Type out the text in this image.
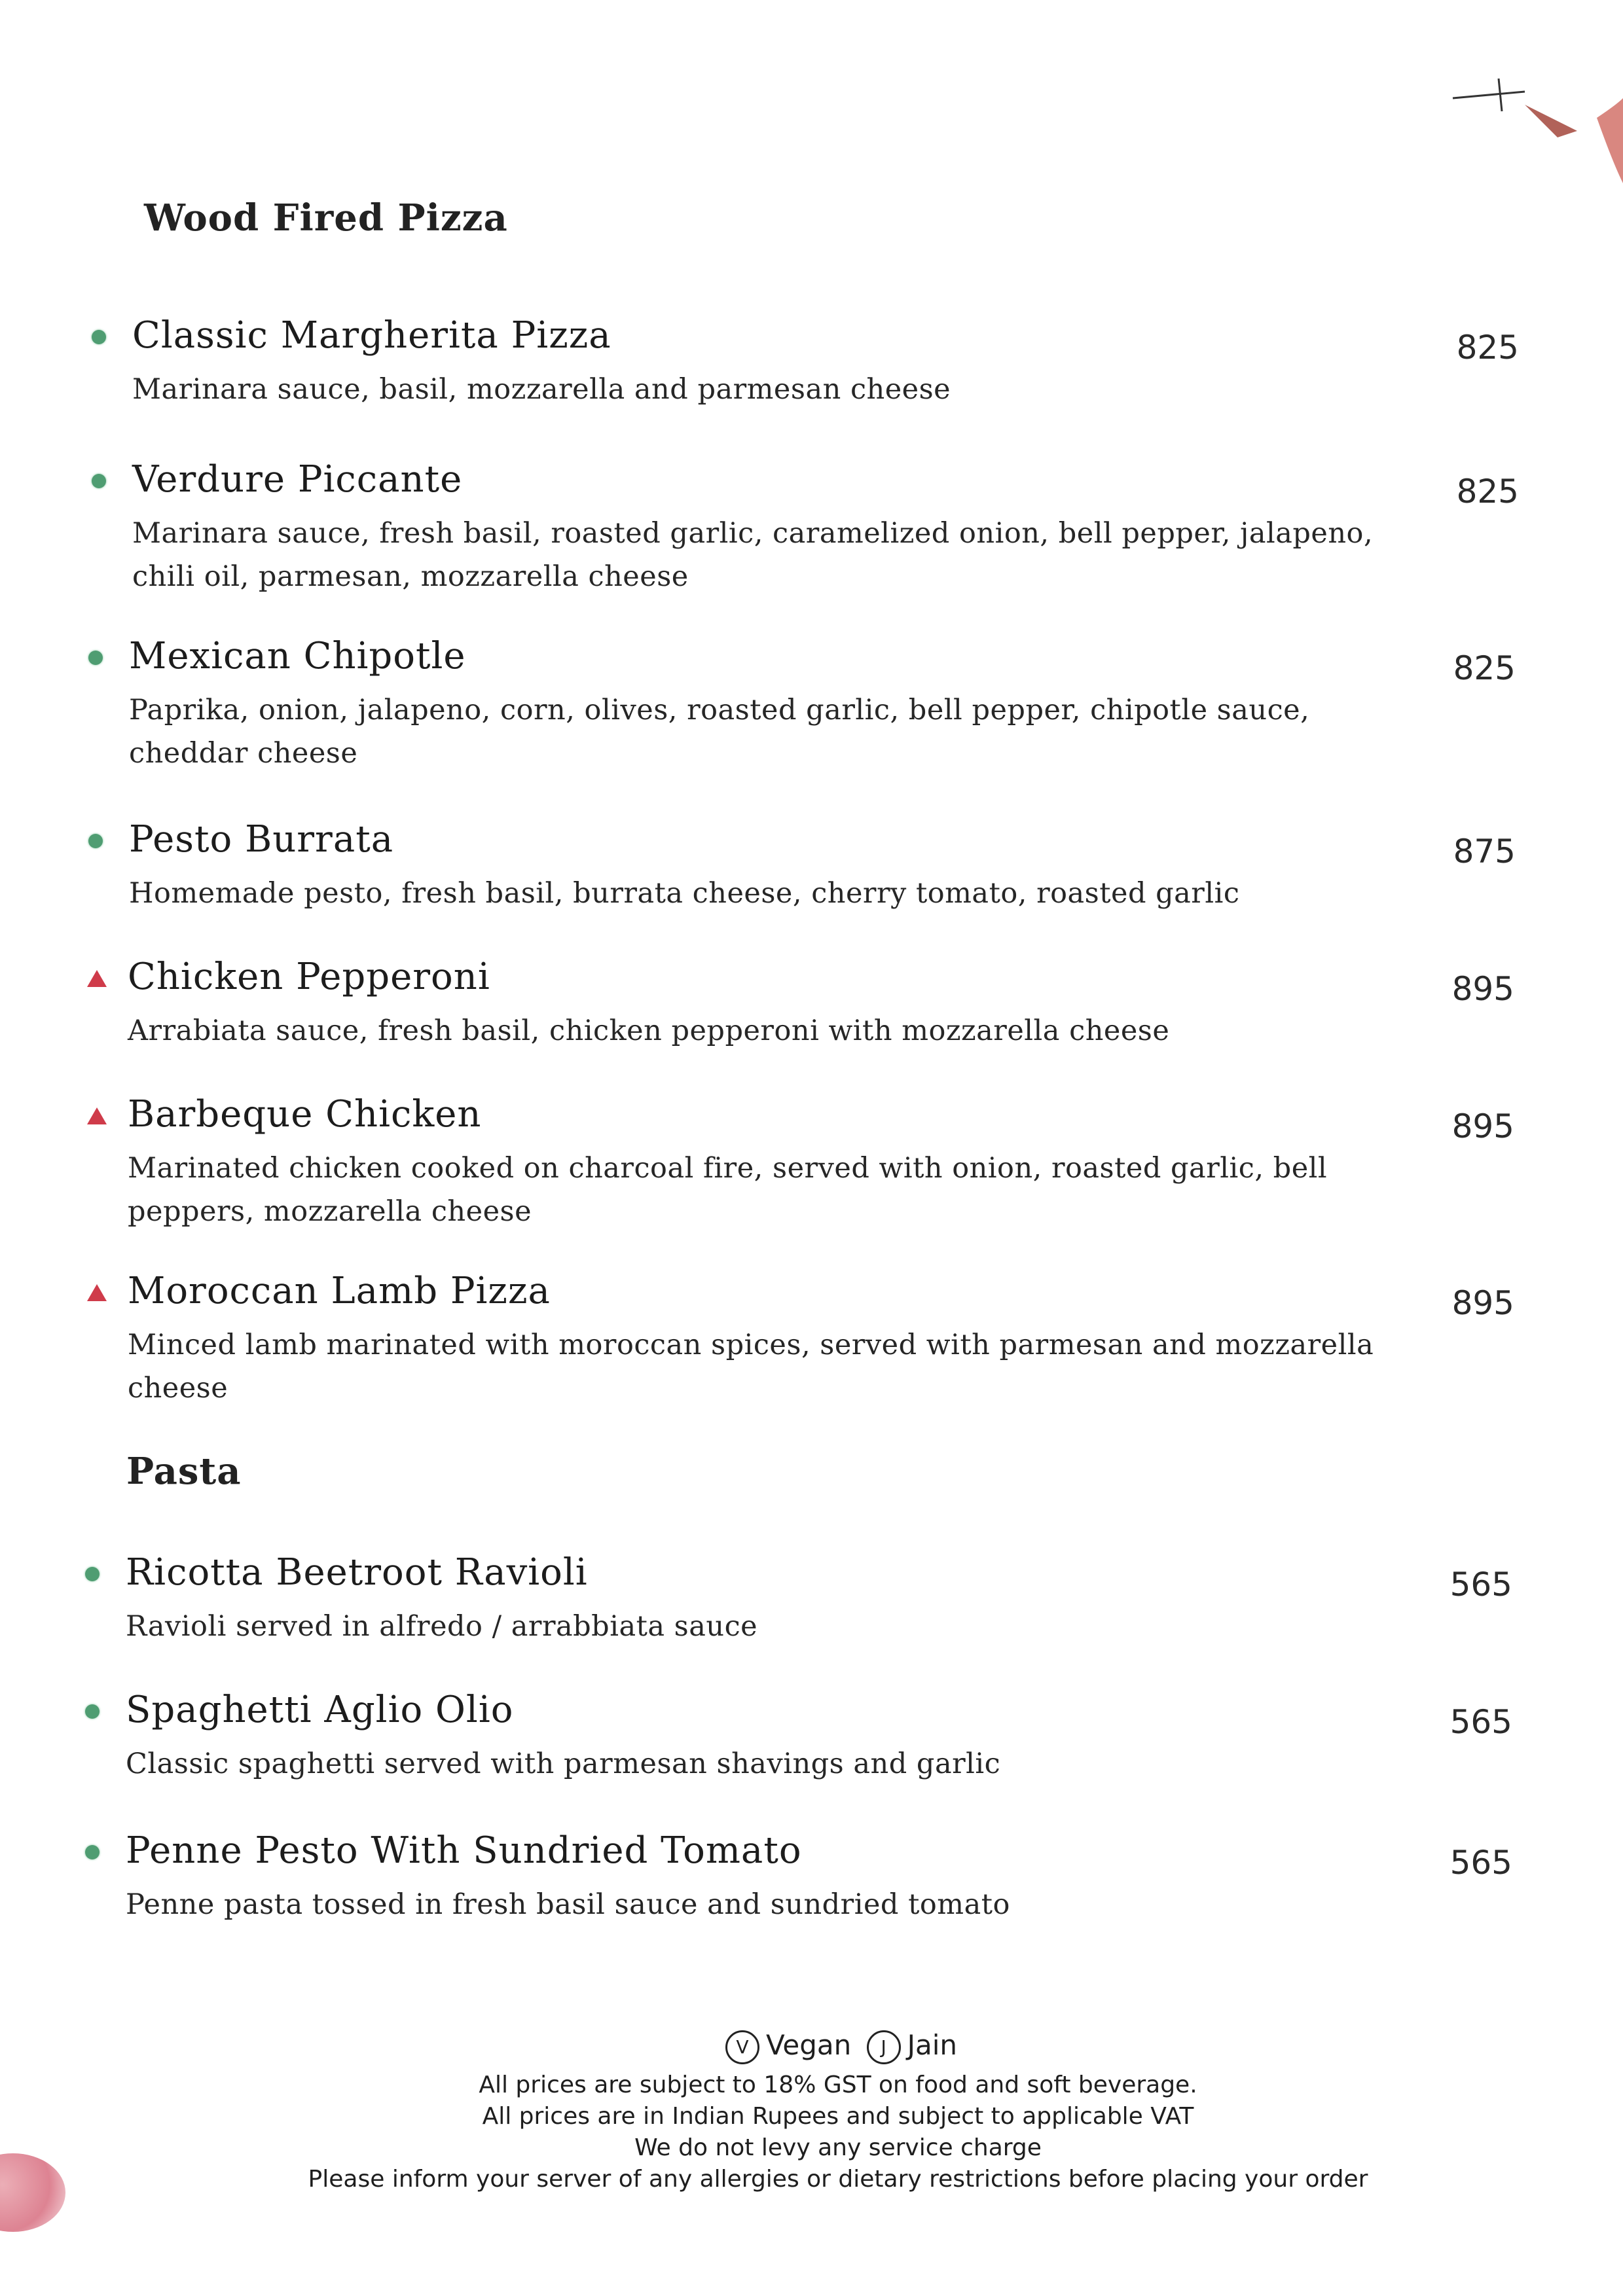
Wood Fired Pizza
Classic Margherita Pizza

Marinara sauce, basil, mozzarella and parmesan cheese

825
Verdure Piccante

Marinara sauce, fresh basil, roasted garlic, caramelized onion, bell pepper, jalapeno, chili oil, parmesan, mozzarella cheese

825
Mexican Chipotle

Paprika, onion, jalapeno, corn, olives, roasted garlic, bell pepper, chipotle sauce, cheddar cheese

825
Pesto Burrata

Homemade pesto, fresh basil, burrata cheese, cherry tomato, roasted garlic

875
Chicken Pepperoni

Arrabiata sauce, fresh basil, chicken pepperoni with mozzarella cheese

895
Barbeque Chicken

Marinated chicken cooked on charcoal fire, served with onion, roasted garlic, bell peppers, mozzarella cheese

895
Moroccan Lamb Pizza

Minced lamb marinated with moroccan spices, served with parmesan and mozzarella cheese

895
Pasta
Ricotta Beetroot Ravioli

Ravioli served in alfredo / arrabbiata sauce

565
Spaghetti Aglio Olio

Classic spaghetti served with parmesan shavings and garlic

565
Penne Pesto With Sundried Tomato

Penne pasta tossed in fresh basil sauce and sundried tomato

565
V Vegan J Jain
All prices are subject to 18% GST on food and soft beverage.
All prices are in Indian Rupees and subject to applicable VAT
We do not levy any service charge
Please inform your server of any allergies or dietary restrictions before placing your order
